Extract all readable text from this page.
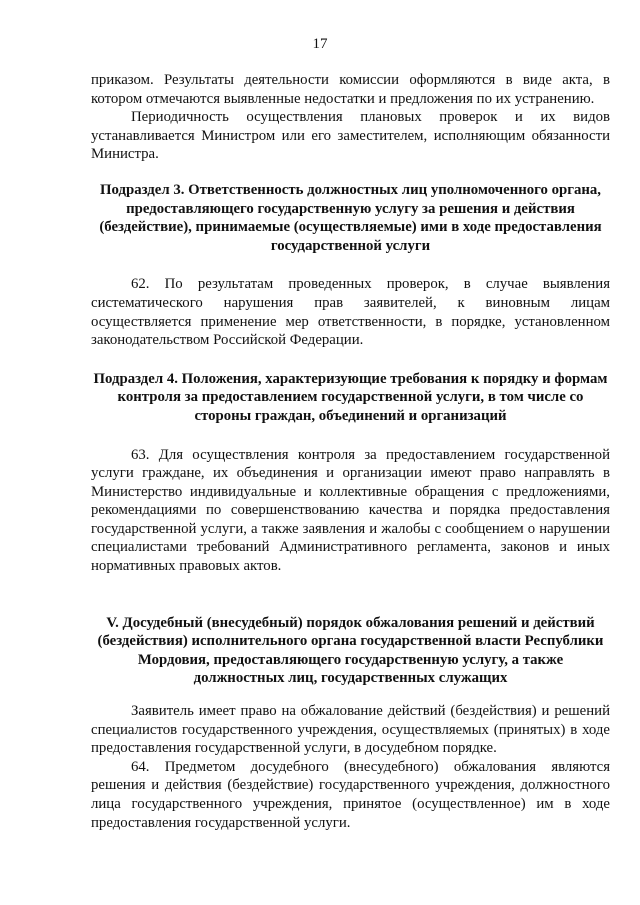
17

приказом. Результаты деятельности комиссии оформляются в виде акта, в котором отмечаются выявленные недостатки и предложения по их устранению.

Периодичность осуществления плановых проверок и их видов устанавливается Министром или его заместителем, исполняющим обязанности Министра.

Подраздел 3. Ответственность должностных лиц уполномоченного органа, предоставляющего государственную услугу за решения и действия (бездействие), принимаемые (осуществляемые) ими в ходе предоставления государственной услуги

62. По результатам проведенных проверок, в случае выявления систематического нарушения прав заявителей, к виновным лицам осуществляется применение мер ответственности, в порядке, установленном законодательством Российской Федерации.

Подраздел 4. Положения, характеризующие требования к порядку и формам контроля за предоставлением государственной услуги, в том числе со стороны граждан, объединений и организаций

63. Для осуществления контроля за предоставлением государственной услуги граждане, их объединения и организации имеют право направлять в Министерство индивидуальные и коллективные обращения с предложениями, рекомендациями по совершенствованию качества и порядка предоставления государственной услуги, а также заявления и жалобы с сообщением о нарушении специалистами требований Административного регламента, законов и иных нормативных правовых актов.

V. Досудебный (внесудебный) порядок обжалования решений и действий (бездействия) исполнительного органа государственной власти Республики Мордовия, предоставляющего государственную услугу, а также должностных лиц, государственных служащих

Заявитель имеет право на обжалование действий (бездействия) и решений специалистов государственного учреждения, осуществляемых (принятых) в ходе предоставления государственной услуги, в досудебном порядке.

64. Предметом досудебного (внесудебного) обжалования являются решения и действия (бездействие) государственного учреждения, должностного лица государственного учреждения, принятое (осуществленное) им в ходе предоставления государственной услуги.
